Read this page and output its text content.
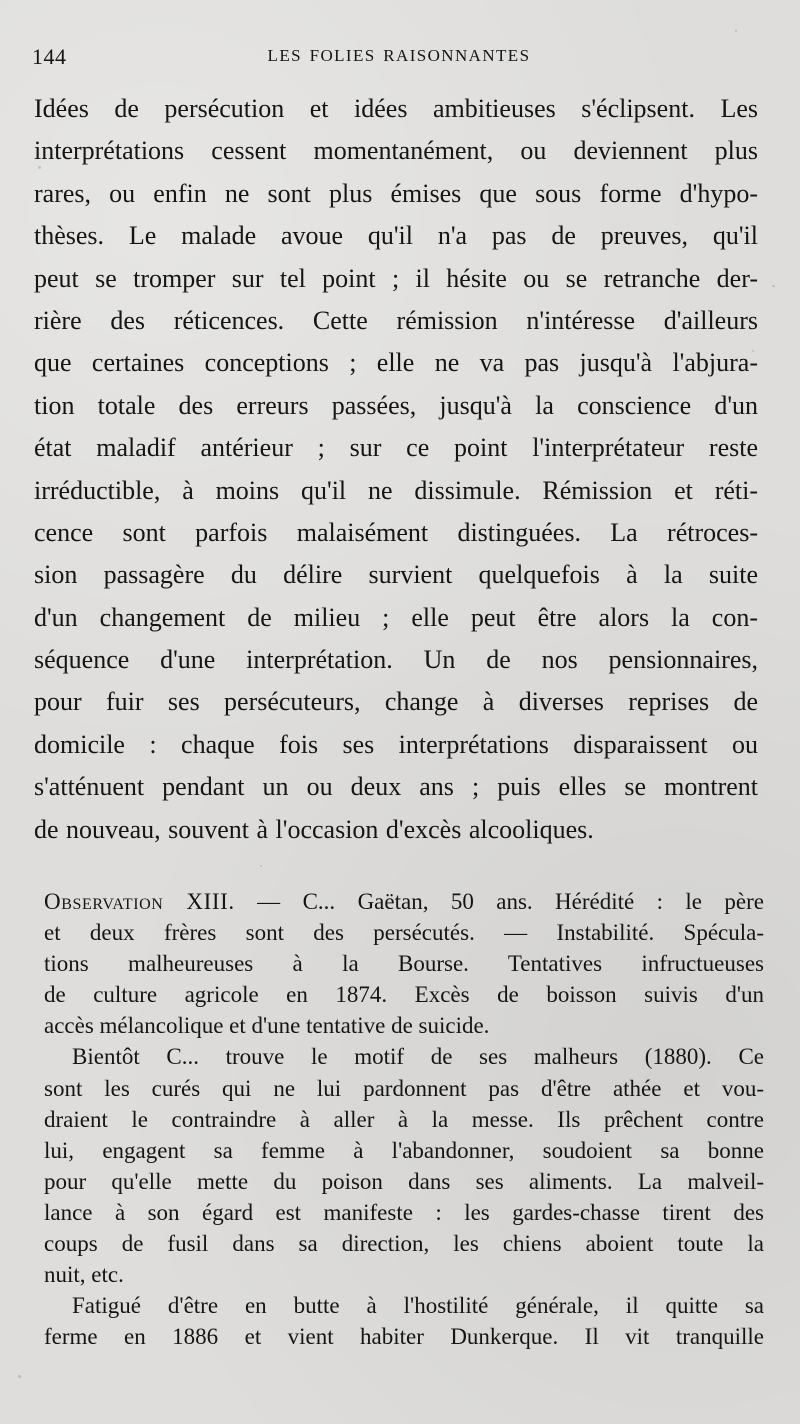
144	LES FOLIES RAISONNANTES
Idées de persécution et idées ambitieuses s'éclipsent. Les
interprétations cessent momentanément, ou deviennent plus
rares, ou enfin ne sont plus émises que sous forme d'hypo-
thèses. Le malade avoue qu'il n'a pas de preuves, qu'il
peut se tromper sur tel point ; il hésite ou se retranche der-
rière des réticences. Cette rémission n'intéresse d'ailleurs
que certaines conceptions ; elle ne va pas jusqu'à l'abjura-
tion totale des erreurs passées, jusqu'à la conscience d'un
état maladif antérieur ; sur ce point l'interprétateur reste
irréductible, à moins qu'il ne dissimule. Rémission et réti-
cence sont parfois malaisément distinguées. La rétroces-
sion passagère du délire survient quelquefois à la suite
d'un changement de milieu ; elle peut être alors la con-
séquence d'une interprétation. Un de nos pensionnaires,
pour fuir ses persécuteurs, change à diverses reprises de
domicile : chaque fois ses interprétations disparaissent ou
s'atténuent pendant un ou deux ans ; puis elles se montrent
de nouveau, souvent à l'occasion d'excès alcooliques.
Observation XIII. — C... Gaëtan, 50 ans. Hérédité : le père
et deux frères sont des persécutés. — Instabilité. Spécula-
tions malheureuses à la Bourse. Tentatives infructueuses
de culture agricole en 1874. Excès de boisson suivis d'un
accès mélancolique et d'une tentative de suicide.
Bientôt C... trouve le motif de ses malheurs (1880). Ce
sont les curés qui ne lui pardonnent pas d'être athée et vou-
draient le contraindre à aller à la messe. Ils prêchent contre
lui, engagent sa femme à l'abandonner, soudoient sa bonne
pour qu'elle mette du poison dans ses aliments. La malveil-
lance à son égard est manifeste : les gardes-chasse tirent des
coups de fusil dans sa direction, les chiens aboient toute la
nuit, etc.
Fatigué d'être en butte à l'hostilité générale, il quitte sa
ferme en 1886 et vient habiter Dunkerque. Il vit tranquille
